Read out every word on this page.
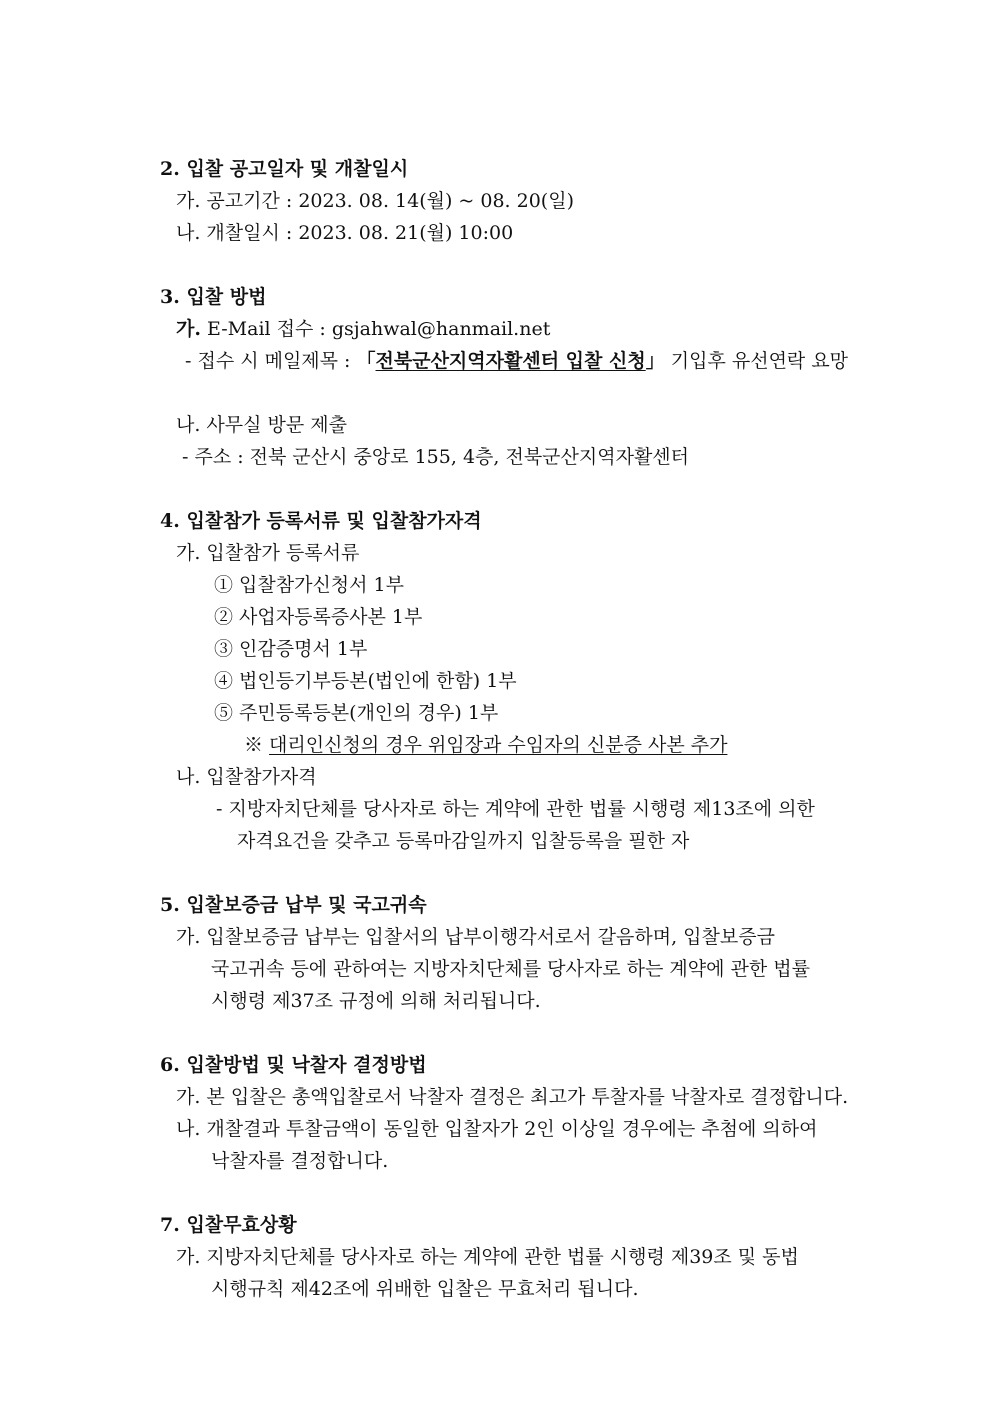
2. 입찰 공고일자 및 개찰일시
가. 공고기간 : 2023. 08. 14(월) ~ 08. 20(일)
나. 개찰일시 : 2023. 08. 21(월) 10:00
3. 입찰 방법
가. E-Mail 접수 : gsjahwal@hanmail.net
- 접수 시 메일제목 : 「전북군산지역자활센터 입찰 신청」 기입후 유선연락 요망
나. 사무실 방문 제출
- 주소 : 전북 군산시 중앙로 155, 4층, 전북군산지역자활센터
4. 입찰참가 등록서류 및 입찰참가자격
가. 입찰참가 등록서류
① 입찰참가신청서 1부
② 사업자등록증사본 1부
③ 인감증명서 1부
④ 법인등기부등본(법인에 한함) 1부
⑤ 주민등록등본(개인의 경우) 1부
※ 대리인신청의 경우 위임장과 수임자의 신분증 사본 추가
나. 입찰참가자격
- 지방자치단체를 당사자로 하는 계약에 관한 법률 시행령 제13조에 의한
자격요건을 갖추고 등록마감일까지 입찰등록을 필한 자
5. 입찰보증금 납부 및 국고귀속
가. 입찰보증금 납부는 입찰서의 납부이행각서로서 갈음하며, 입찰보증금
국고귀속 등에 관하여는 지방자치단체를 당사자로 하는 계약에 관한 법률
시행령 제37조 규정에 의해 처리됩니다.
6. 입찰방법 및 낙찰자 결정방법
가. 본 입찰은 총액입찰로서 낙찰자 결정은 최고가 투찰자를 낙찰자로 결정합니다.
나. 개찰결과 투찰금액이 동일한 입찰자가 2인 이상일 경우에는 추첨에 의하여
낙찰자를 결정합니다.
7. 입찰무효상황
가. 지방자치단체를 당사자로 하는 계약에 관한 법률 시행령 제39조 및 동법
시행규칙 제42조에 위배한 입찰은 무효처리 됩니다.
